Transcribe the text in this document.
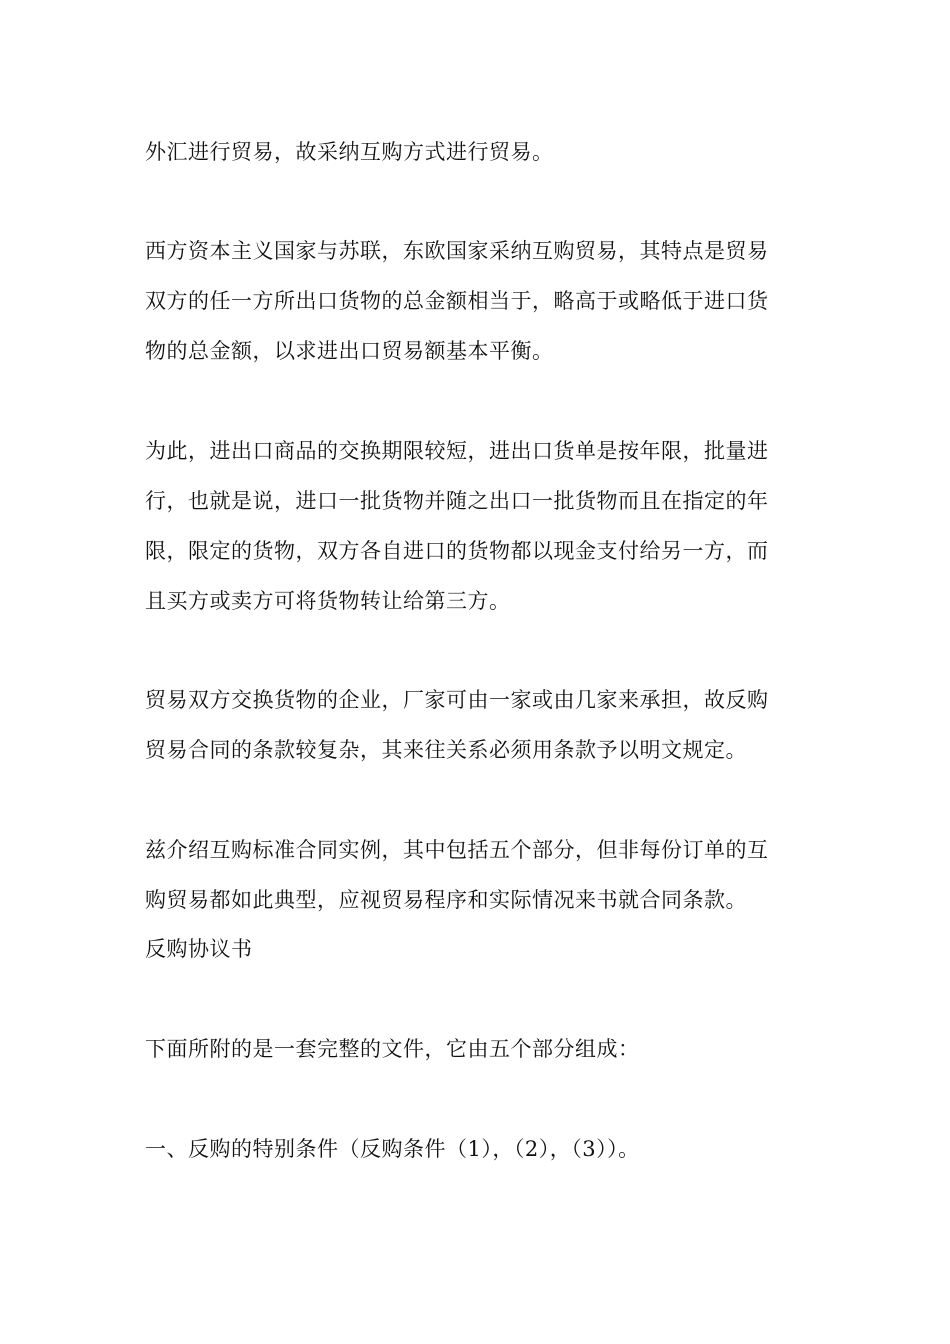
外汇进行贸易，故采纳互购方式进行贸易。
西方资本主义国家与苏联，东欧国家采纳互购贸易，其特点是贸易
双方的任一方所出口货物的总金额相当于，略高于或略低于进口货
物的总金额，以求进出口贸易额基本平衡。
为此，进出口商品的交换期限较短，进出口货单是按年限，批量进
行，也就是说，进口一批货物并随之出口一批货物而且在指定的年
限，限定的货物，双方各自进口的货物都以现金支付给另一方，而
且买方或卖方可将货物转让给第三方。
贸易双方交换货物的企业，厂家可由一家或由几家来承担，故反购
贸易合同的条款较复杂，其来往关系必须用条款予以明文规定。
兹介绍互购标准合同实例，其中包括五个部分，但非每份订单的互
购贸易都如此典型，应视贸易程序和实际情况来书就合同条款。
反购协议书
下面所附的是一套完整的文件，它由五个部分组成：
一、反购的特别条件（反购条件（1），（2），（3））。
